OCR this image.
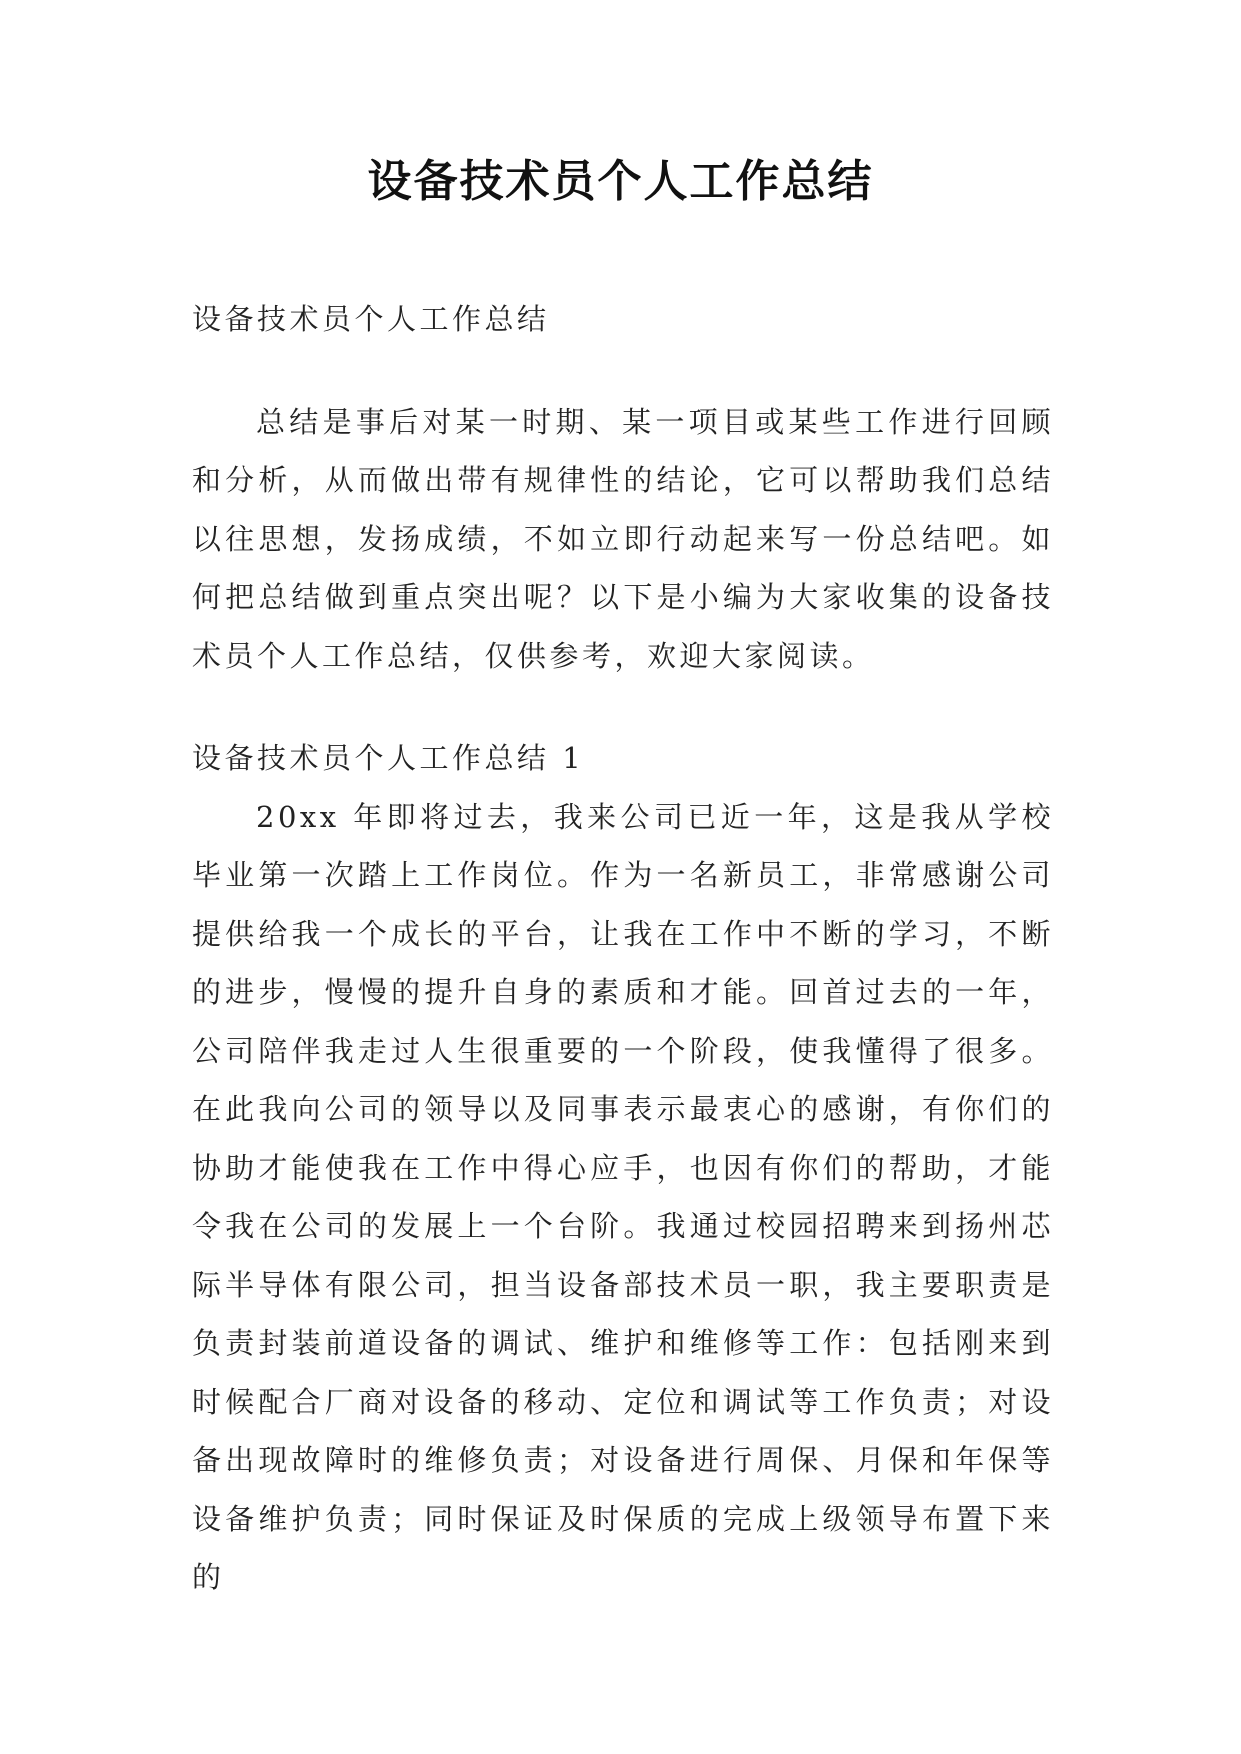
设备技术员个人工作总结

设备技术员个人工作总结

总结是事后对某一时期、某一项目或某些工作进行回顾和分析，从而做出带有规律性的结论，它可以帮助我们总结以往思想，发扬成绩，不如立即行动起来写一份总结吧。如何把总结做到重点突出呢？以下是小编为大家收集的设备技术员个人工作总结，仅供参考，欢迎大家阅读。

设备技术员个人工作总结 1

20xx 年即将过去，我来公司已近一年，这是我从学校毕业第一次踏上工作岗位。作为一名新员工，非常感谢公司提供给我一个成长的平台，让我在工作中不断的学习，不断的进步，慢慢的提升自身的素质和才能。回首过去的一年，公司陪伴我走过人生很重要的一个阶段，使我懂得了很多。在此我向公司的领导以及同事表示最衷心的感谢，有你们的协助才能使我在工作中得心应手，也因有你们的帮助，才能令我在公司的发展上一个台阶。我通过校园招聘来到扬州芯际半导体有限公司，担当设备部技术员一职，我主要职责是负责封装前道设备的调试、维护和维修等工作：包括刚来到时候配合厂商对设备的移动、定位和调试等工作负责；对设备出现故障时的维修负责；对设备进行周保、月保和年保等设备维护负责；同时保证及时保质的完成上级领导布置下来的
